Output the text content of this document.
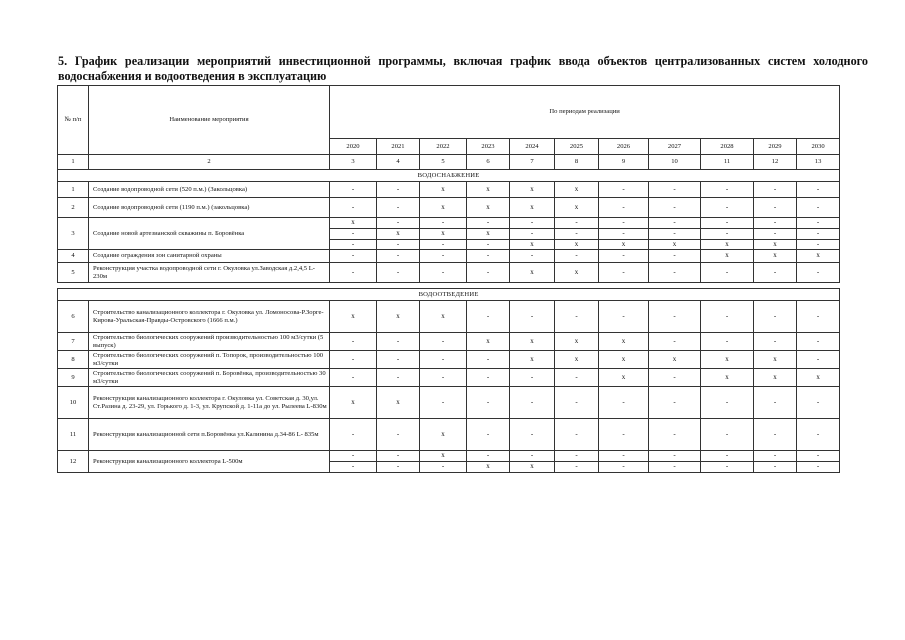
5. График реализации мероприятий инвестиционной программы, включая график ввода объектов централизованных систем холодного водоснабжения и водоотведения в эксплуатацию
№ п/п	Наименование мероприятия	По периодам реализации										
		2020	2021	2022	2023	2024	2025	2026	2027	2028	2029	2030
1	2	3	4	5	6	7	8	9	10	11	12	13
ВОДОСНАБЖЕНИЕ												
1	Создание водопроводной сети (520 п.м.) (Закольцовка)	-	-	x	x	x	x	-	-	-	-	-
2	Создание водопроводной сети (1190 п.м.) (закольцовка)	-	-	x	x	x	x	-	-	-	-	-
3	Создание новой артезианской скважины п. Боровёнка	x	-	-	-	-	-	-	-	-	-	-
		-	x	x	x	-	-	-	-	-	-	-
		-	-	-	-	x	x	x	x	x	x	-
4	Создание ограждения зон санитарной охраны	-	-	-	-	-	-	-	-	x	x	x
5	Реконструкция участка водопроводной сети г. Окуловка ул.Заводская д.2,4,5 L-230м	-	-	-	-	x	x	-	-	-	-	-

ВОДООТВЕДЕНИЕ												
6	Строительство канализационного коллектора г. Окуловка ул. Ломоносова-Р.Зорге-Кирова-Уральская-Правды-Островского (1666 п.м.)	x	x	x	-	-	-	-	-	-	-	-
7	Строительство биологических сооружений производительностью 100 м3/сутки (5 выпуск)	-	-	-	x	x	x	x	-	-	-	-
8	Строительство биологических сооружений п. Топорок, производительностью 100 м3/сутки	-	-	-	-	x	x	x	x	x	x	-
9	Строительство биологических сооружений п. Боровёнка, производительностью 30 м3/сутки	-	-	-	-	-	-	x	-	x	x	x
10	Реконструкция канализационного коллектора г. Окуловка ул. Советская д. 30,ул. Ст.Разина д. 23-29, ул. Горького д. 1-3, ул. Крупской д. 1-11а до ул. Рылеева L-830м	x	x	-	-	-	-	-	-	-	-	-
11	Реконструкция канализационной сети п.Боровёнка ул.Калинина д.34-86 L- 835м	-	-	x	-	-	-	-	-	-	-	-
12	Реконструкция канализационного коллектора L-500м	-	-	x	-	-	-	-	-	-	-	-
		-	-	-	x	x	-	-	-	-	-	-
